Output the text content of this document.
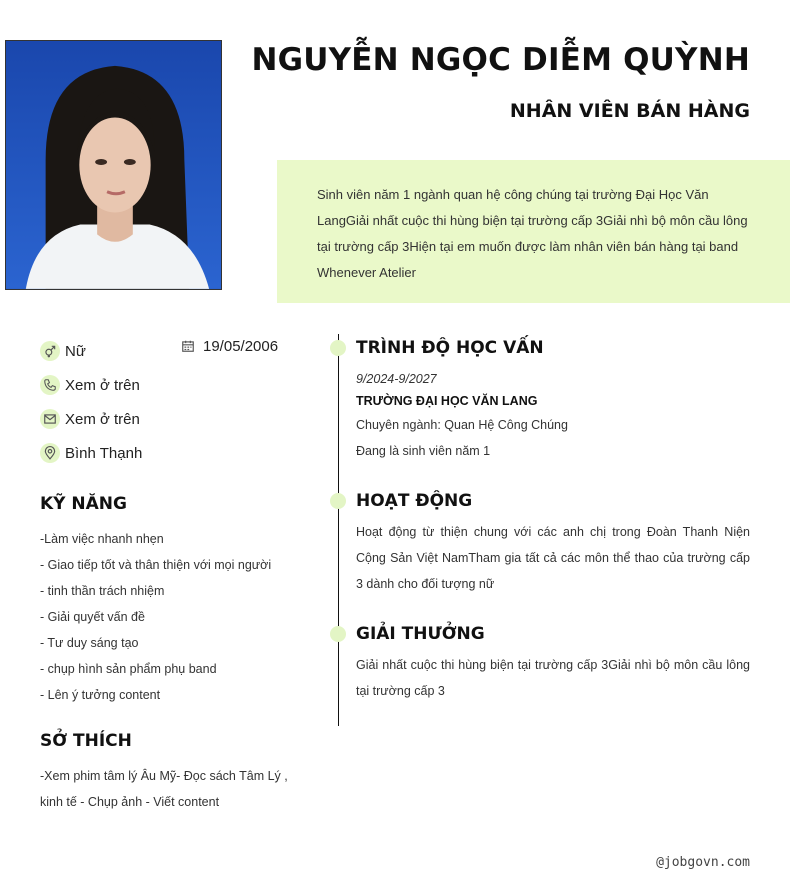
NGUYỄN NGỌC DIỄM QUỲNH
NHÂN VIÊN BÁN HÀNG
Sinh viên năm 1 ngành quan hệ công chúng tại trường Đại Học Văn LangGiải nhất cuộc thi hùng biện tại trường cấp 3Giải nhì bộ môn cầu lông tại trường cấp 3Hiện tại em muốn được làm nhân viên bán hàng tại band Whenever Atelier
Nữ	19/05/2006
Xem ở trên
Xem ở trên
Bình Thạnh
KỸ NĂNG
-Làm việc nhanh nhẹn
- Giao tiếp tốt và thân thiện với mọi người
- tinh thần trách nhiệm
- Giải quyết vấn đề
- Tư duy sáng tạo
- chụp hình sản phẩm phụ band
- Lên ý tưởng content
SỞ THÍCH
-Xem phim tâm lý Âu Mỹ- Đọc sách Tâm Lý ,
kinh tế - Chụp ảnh - Viết content
TRÌNH ĐỘ HỌC VẤN
9/2024-9/2027
TRƯỜNG ĐẠI HỌC VĂN LANG
Chuyên ngành: Quan Hệ Công Chúng
Đang là sinh viên năm 1
HOẠT ĐỘNG
Hoạt động từ thiện chung với các anh chị trong Đoàn Thanh Niện Cộng Sản Việt NamTham gia tất cả các môn thể thao của trường cấp 3 dành cho đối tượng nữ
GIẢI THƯỞNG
Giải nhất cuộc thi hùng biện tại trường cấp 3Giải nhì bộ môn cầu lông tại trường cấp 3
@jobgovn.com
